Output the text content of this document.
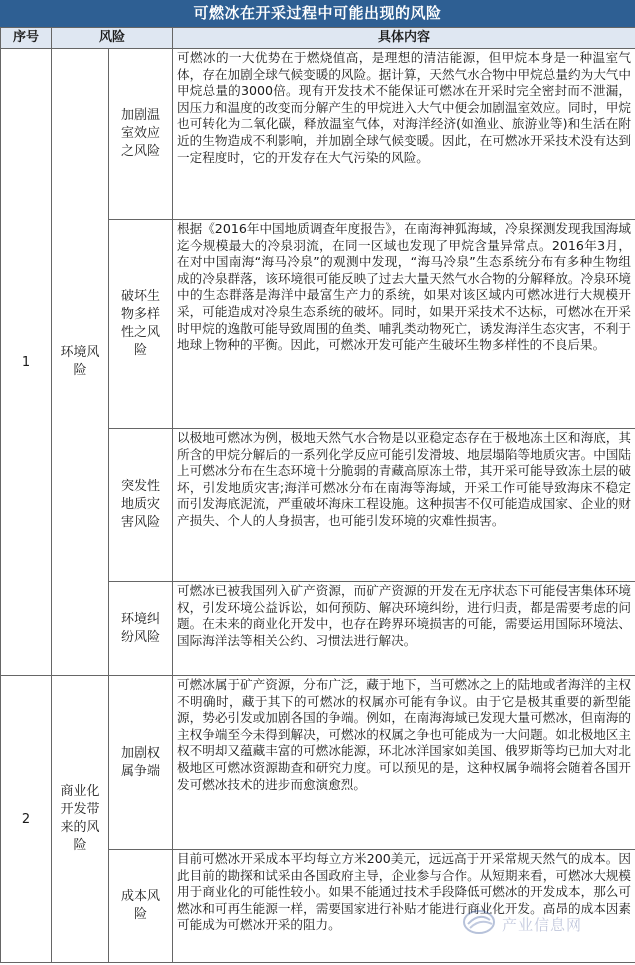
可燃冰在开采过程中可能出现的风险
序号	风险		具体内容
1	环境风险	加剧温室效应之风险	可燃冰的一大优势在于燃烧值高，是理想的清洁能源，但甲烷本身是一种温室气体，存在加剧全球气候变暖的风险。据计算，天然气水合物中甲烷总量约为大气中甲烷总量的3000倍。现有开发技术不能保证可燃冰在开采时完全密封而不泄漏，因压力和温度的改变而分解产生的甲烷进入大气中便会加剧温室效应。同时，甲烷也可转化为二氧化碳，释放温室气体，对海洋经济(如渔业、旅游业等)和生活在附近的生物造成不利影响，并加剧全球气候变暖。因此，在可燃冰开采技术没有达到一定程度时，它的开发存在大气污染的风险。
		破坏生物多样性之风险	根据《2016年中国地质调查年度报告》，在南海神狐海域，冷泉探测发现我国海域迄今规模最大的冷泉羽流，在同一区域也发现了甲烷含量异常点。2016年3月，在对中国南海“海马冷泉”的观测中发现，“海马冷泉”生态系统分布有多种生物组成的冷泉群落，该环境很可能反映了过去大量天然气水合物的分解释放。冷泉环境中的生态群落是海洋中最富生产力的系统，如果对该区域内可燃冰进行大规模开采，可能造成对冷泉生态系统的破坏。同时，如果开采技术不达标，可燃冰在开采时甲烷的逸散可能导致周围的鱼类、哺乳类动物死亡，诱发海洋生态灾害，不利于地球上物种的平衡。因此，可燃冰开发可能产生破坏生物多样性的不良后果。
		突发性地质灾害风险	以极地可燃冰为例，极地天然气水合物是以亚稳定态存在于极地冻土区和海底，其所含的甲烷分解后的一系列化学反应可能引发滑坡、地层塌陷等地质灾害。中国陆上可燃冰分布在生态环境十分脆弱的青藏高原冻土带，其开采可能导致冻土层的破坏，引发地质灾害;海洋可燃冰分布在南海等海域，开采工作可能导致海床不稳定而引发海底泥流，严重破坏海床工程设施。这种损害不仅可能造成国家、企业的财产损失、个人的人身损害，也可能引发环境的灾难性损害。
		环境纠纷风险	可燃冰已被我国列入矿产资源，而矿产资源的开发在无序状态下可能侵害集体环境权，引发环境公益诉讼，如何预防、解决环境纠纷，进行归责，都是需要考虑的问题。在未来的商业化开发中，也存在跨界环境损害的可能，需要运用国际环境法、国际海洋法等相关公约、习惯法进行解决。
2	商业化开发带来的风险	加剧权属争端	可燃冰属于矿产资源，分布广泛，藏于地下，当可燃冰之上的陆地或者海洋的主权不明确时，藏于其下的可燃冰的权属亦可能有争议。由于它是极其重要的新型能源，势必引发或加剧各国的争端。例如，在南海海域已发现大量可燃冰，但南海的主权争端至今未得到解决，可燃冰的权属之争也可能成为一大问题。如北极地区主权不明却又蕴藏丰富的可燃冰能源，环北冰洋国家如美国、俄罗斯等均已加大对北极地区可燃冰资源勘查和研究力度。可以预见的是，这种权属争端将会随着各国开发可燃冰技术的进步而愈演愈烈。
		成本风险	目前可燃冰开采成本平均每立方米200美元，远远高于开采常规天然气的成本。因此目前的勘探和试采由各国政府主导，企业参与合作。从短期来看，可燃冰大规模用于商业化的可能性较小。如果不能通过技术手段降低可燃冰的开发成本，那么可燃冰和可再生能源一样，需要国家进行补贴才能进行商业化开发。高昂的成本因素可能成为可燃冰开采的阻力。	产业信息网
